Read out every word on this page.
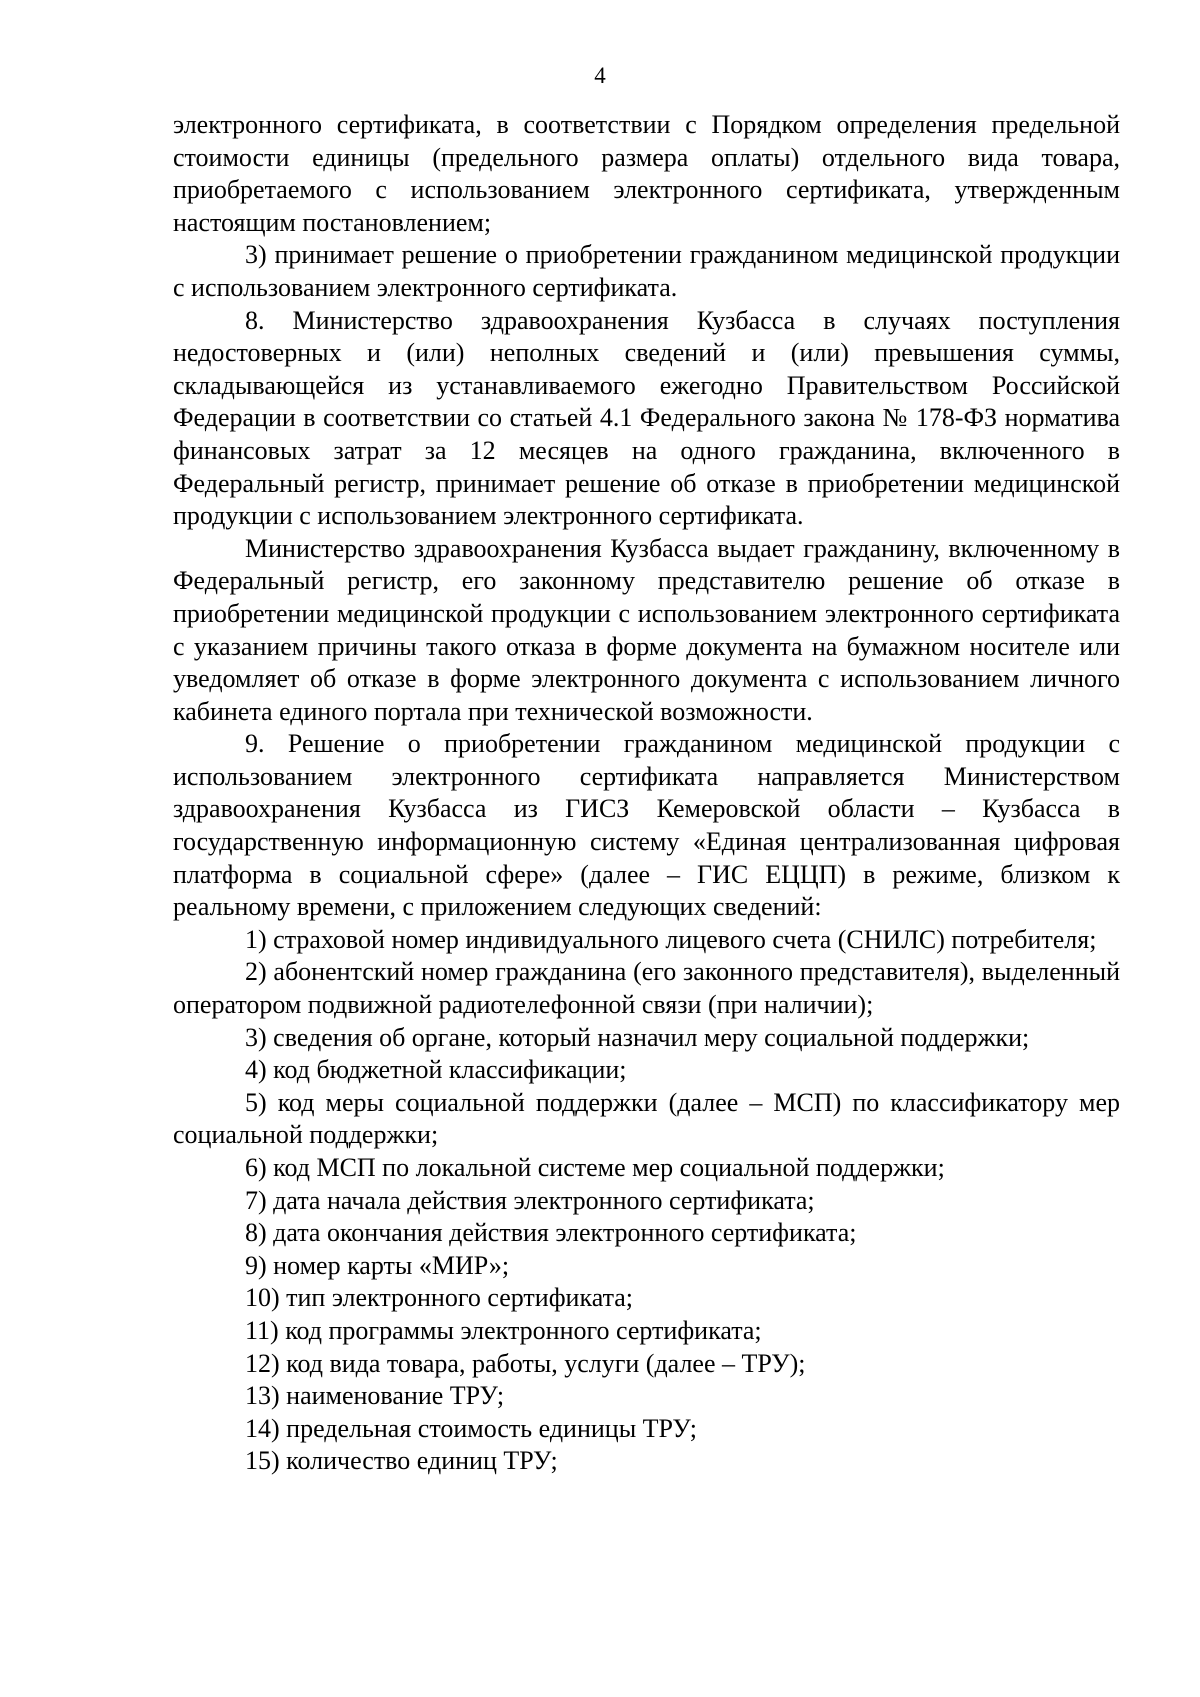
4

электронного сертификата, в соответствии с Порядком определения предельной стоимости единицы (предельного размера оплаты) отдельного вида товара, приобретаемого с использованием электронного сертификата, утвержденным настоящим постановлением;

3) принимает решение о приобретении гражданином медицинской продукции с использованием электронного сертификата.

8. Министерство здравоохранения Кузбасса в случаях поступления недостоверных и (или) неполных сведений и (или) превышения суммы, складывающейся из устанавливаемого ежегодно Правительством Российской Федерации в соответствии со статьей 4.1 Федерального закона № 178-ФЗ норматива финансовых затрат за 12 месяцев на одного гражданина, включенного в Федеральный регистр, принимает решение об отказе в приобретении медицинской продукции с использованием электронного сертификата.

Министерство здравоохранения Кузбасса выдает гражданину, включенному в Федеральный регистр, его законному представителю решение об отказе в приобретении медицинской продукции с использованием электронного сертификата с указанием причины такого отказа в форме документа на бумажном носителе или уведомляет об отказе в форме электронного документа с использованием личного кабинета единого портала при технической возможности.

9. Решение о приобретении гражданином медицинской продукции с использованием электронного сертификата направляется Министерством здравоохранения Кузбасса из ГИСЗ Кемеровской области – Кузбасса в государственную информационную систему «Единая централизованная цифровая платформа в социальной сфере» (далее – ГИС ЕЦЦП) в режиме, близком к реальному времени, с приложением следующих сведений:

1) страховой номер индивидуального лицевого счета (СНИЛС) потребителя;

2) абонентский номер гражданина (его законного представителя), выделенный оператором подвижной радиотелефонной связи (при наличии);

3) сведения об органе, который назначил меру социальной поддержки;

4) код бюджетной классификации;

5) код меры социальной поддержки (далее – МСП) по классификатору мер социальной поддержки;

6) код МСП по локальной системе мер социальной поддержки;

7) дата начала действия электронного сертификата;

8) дата окончания действия электронного сертификата;

9) номер карты «МИР»;

10) тип электронного сертификата;

11) код программы электронного сертификата;

12) код вида товара, работы, услуги (далее – ТРУ);

13) наименование ТРУ;

14) предельная стоимость единицы ТРУ;

15) количество единиц ТРУ;
